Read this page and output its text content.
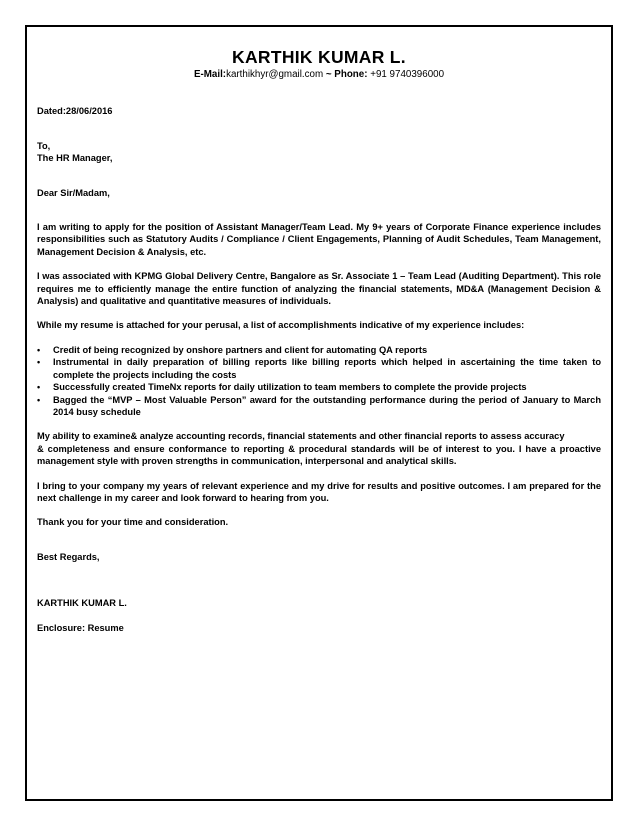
KARTHIK KUMAR L.
E-Mail:karthikhyr@gmail.com ~ Phone: +91 9740396000

Dated:28/06/2016

To,

The HR Manager,

Dear Sir/Madam,

I am writing to apply for the position of Assistant Manager/Team Lead. My 9+ years of Corporate Finance experience includes responsibilities such as Statutory Audits / Compliance / Client Engagements, Planning of Audit Schedules, Team Management, Management Decision & Analysis, etc.

I was associated with KPMG Global Delivery Centre, Bangalore as Sr. Associate 1 – Team Lead (Auditing Department). This role requires me to efficiently manage the entire function of analyzing the financial statements, MD&A (Management Decision & Analysis) and qualitative and quantitative measures of individuals.

While my resume is attached for your perusal, a list of accomplishments indicative of my experience includes:

• Credit of being recognized by onshore partners and client for automating QA reports
• Instrumental in daily preparation of billing reports like billing reports which helped in ascertaining the time taken to complete the projects including the costs
• Successfully created TimeNx reports for daily utilization to team members to complete the provide projects
• Bagged the “MVP – Most Valuable Person” award for the outstanding performance during the period of January to March 2014 busy schedule

My ability to examine& analyze accounting records, financial statements and other financial reports to assess accuracy

& completeness and ensure conformance to reporting & procedural standards will be of interest to you. I have a proactive management style with proven strengths in communication, interpersonal and analytical skills.

I bring to your company my years of relevant experience and my drive for results and positive outcomes. I am prepared for the next challenge in my career and look forward to hearing from you.

Thank you for your time and consideration.

Best Regards,

KARTHIK KUMAR L.

Enclosure: Resume
